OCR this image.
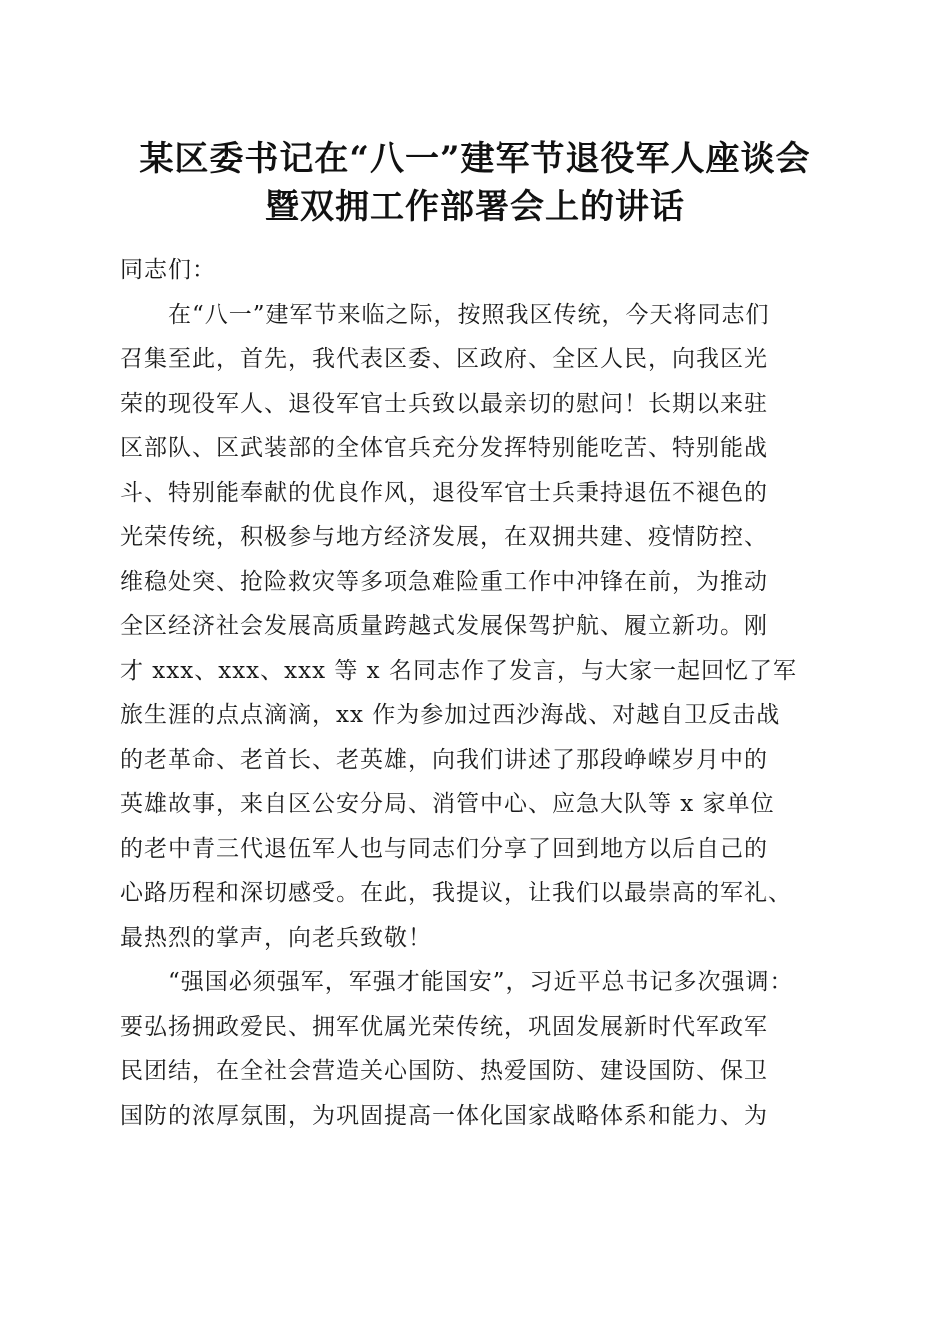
某区委书记在“八一”建军节退役军人座谈会
暨双拥工作部署会上的讲话
同志们：
　　在“八一”建军节来临之际，按照我区传统，今天将同志们
召集至此，首先，我代表区委、区政府、全区人民，向我区光
荣的现役军人、退役军官士兵致以最亲切的慰问！长期以来驻
区部队、区武装部的全体官兵充分发挥特别能吃苦、特别能战
斗、特别能奉献的优良作风，退役军官士兵秉持退伍不褪色的
光荣传统，积极参与地方经济发展，在双拥共建、疫情防控、
维稳处突、抢险救灾等多项急难险重工作中冲锋在前，为推动
全区经济社会发展高质量跨越式发展保驾护航、履立新功。刚
才 xxx、xxx、xxx 等 x 名同志作了发言，与大家一起回忆了军
旅生涯的点点滴滴，xx 作为参加过西沙海战、对越自卫反击战
的老革命、老首长、老英雄，向我们讲述了那段峥嵘岁月中的
英雄故事，来自区公安分局、消管中心、应急大队等 x 家单位
的老中青三代退伍军人也与同志们分享了回到地方以后自己的
心路历程和深切感受。在此，我提议，让我们以最崇高的军礼、
最热烈的掌声，向老兵致敬！
　　“强国必须强军，军强才能国安”，习近平总书记多次强调：
要弘扬拥政爱民、拥军优属光荣传统，巩固发展新时代军政军
民团结，在全社会营造关心国防、热爱国防、建设国防、保卫
国防的浓厚氛围，为巩固提高一体化国家战略体系和能力、为
